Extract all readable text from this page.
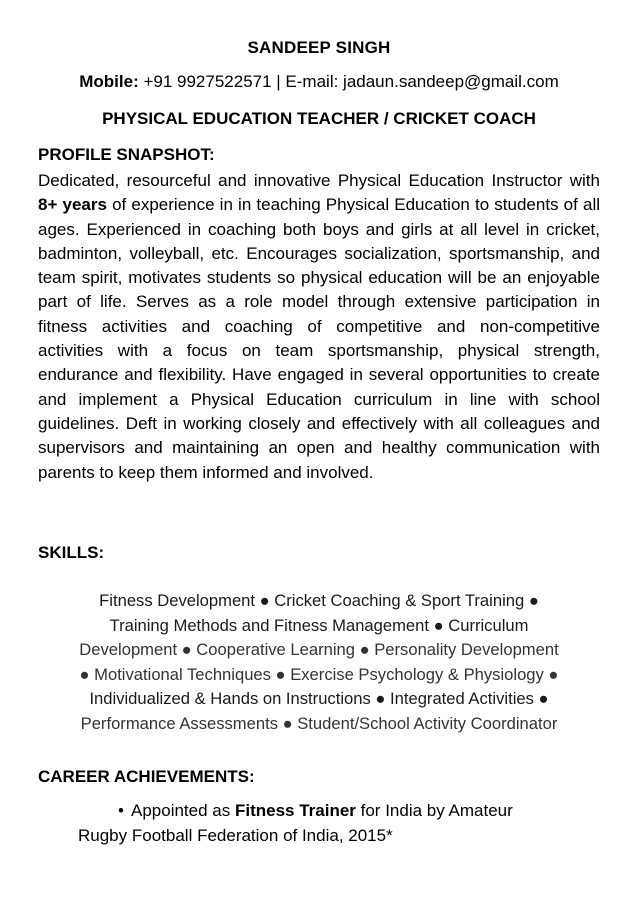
SANDEEP SINGH
Mobile: +91 9927522571 | E-mail: jadaun.sandeep@gmail.com
PHYSICAL EDUCATION TEACHER / CRICKET COACH
PROFILE SNAPSHOT:

Dedicated, resourceful and innovative Physical Education Instructor with 8+ years of experience in in teaching Physical Education to students of all ages. Experienced in coaching both boys and girls at all level in cricket, badminton, volleyball, etc. Encourages socialization, sportsmanship, and team spirit, motivates students so physical education will be an enjoyable part of life. Serves as a role model through extensive participation in fitness activities and coaching of competitive and non-competitive activities with a focus on team sportsmanship, physical strength, endurance and flexibility. Have engaged in several opportunities to create and implement a Physical Education curriculum in line with school guidelines. Deft in working closely and effectively with all colleagues and supervisors and maintaining an open and healthy communication with parents to keep them informed and involved.

SKILLS:
Fitness Development ● Cricket Coaching & Sport Training ●
Training Methods and Fitness Management ● Curriculum
Development ● Cooperative Learning ● Personality Development
● Motivational Techniques ● Exercise Psychology & Physiology ●
Individualized & Hands on Instructions ● Integrated Activities ●
Performance Assessments ● Student/School Activity Coordinator
CAREER ACHIEVEMENTS:
• Appointed as Fitness Trainer for India by Amateur
Rugby Football Federation of India, 2015*
